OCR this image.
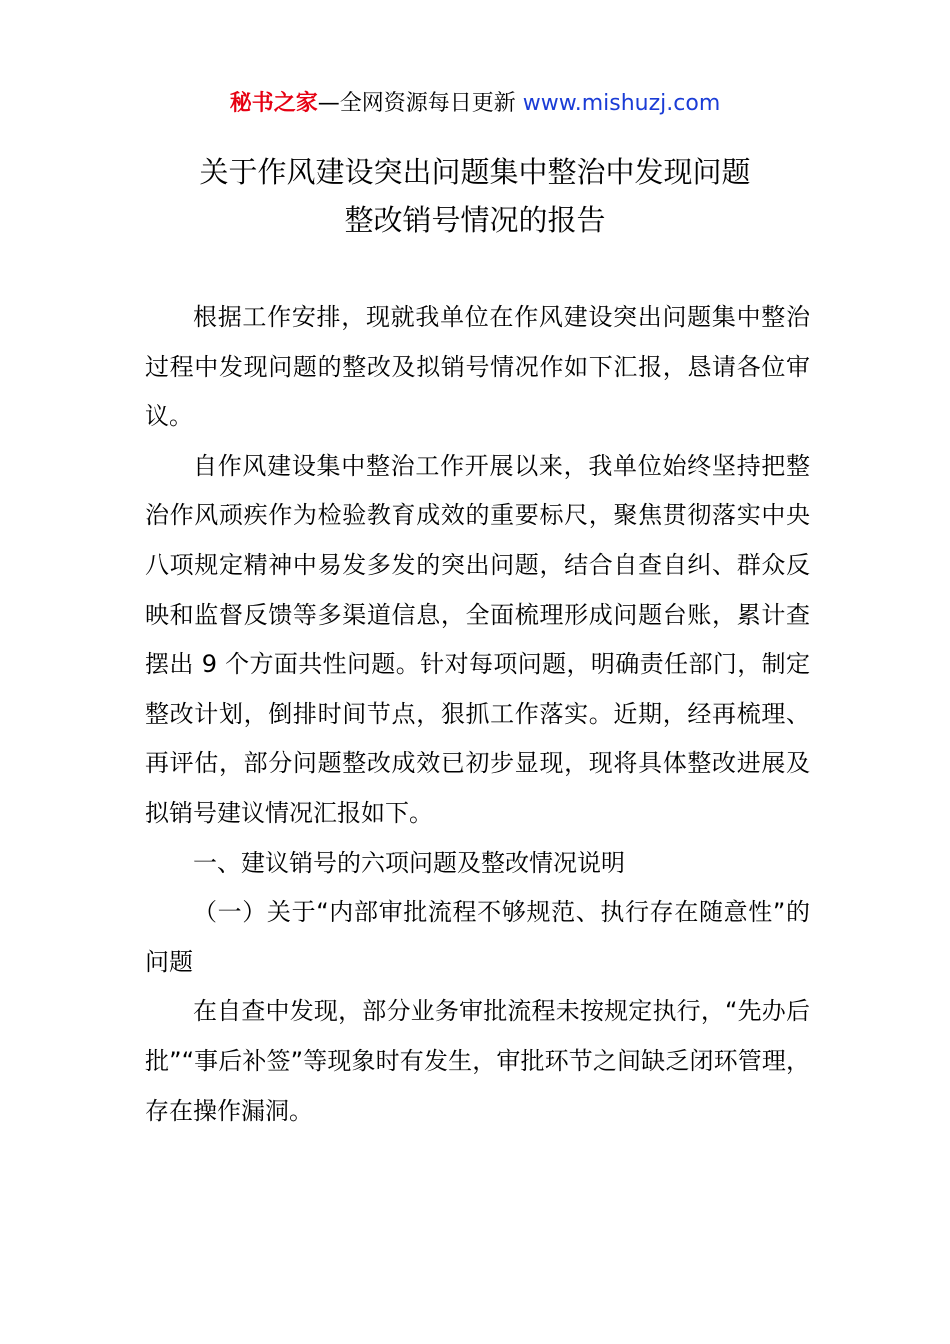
秘书之家—全网资源每日更新 www.mishuzj.com
关于作风建设突出问题集中整治中发现问题
整改销号情况的报告

根据工作安排，现就我单位在作风建设突出问题集中整治过程中发现问题的整改及拟销号情况作如下汇报，恳请各位审议。

自作风建设集中整治工作开展以来，我单位始终坚持把整治作风顽疾作为检验教育成效的重要标尺，聚焦贯彻落实中央八项规定精神中易发多发的突出问题，结合自查自纠、群众反映和监督反馈等多渠道信息，全面梳理形成问题台账，累计查摆出 9 个方面共性问题。针对每项问题，明确责任部门，制定整改计划，倒排时间节点，狠抓工作落实。近期，经再梳理、再评估，部分问题整改成效已初步显现，现将具体整改进展及拟销号建议情况汇报如下。

一、建议销号的六项问题及整改情况说明

（一）关于“内部审批流程不够规范、执行存在随意性”的问题

在自查中发现，部分业务审批流程未按规定执行，“先办后批”“事后补签”等现象时有发生，审批环节之间缺乏闭环管理，存在操作漏洞。
